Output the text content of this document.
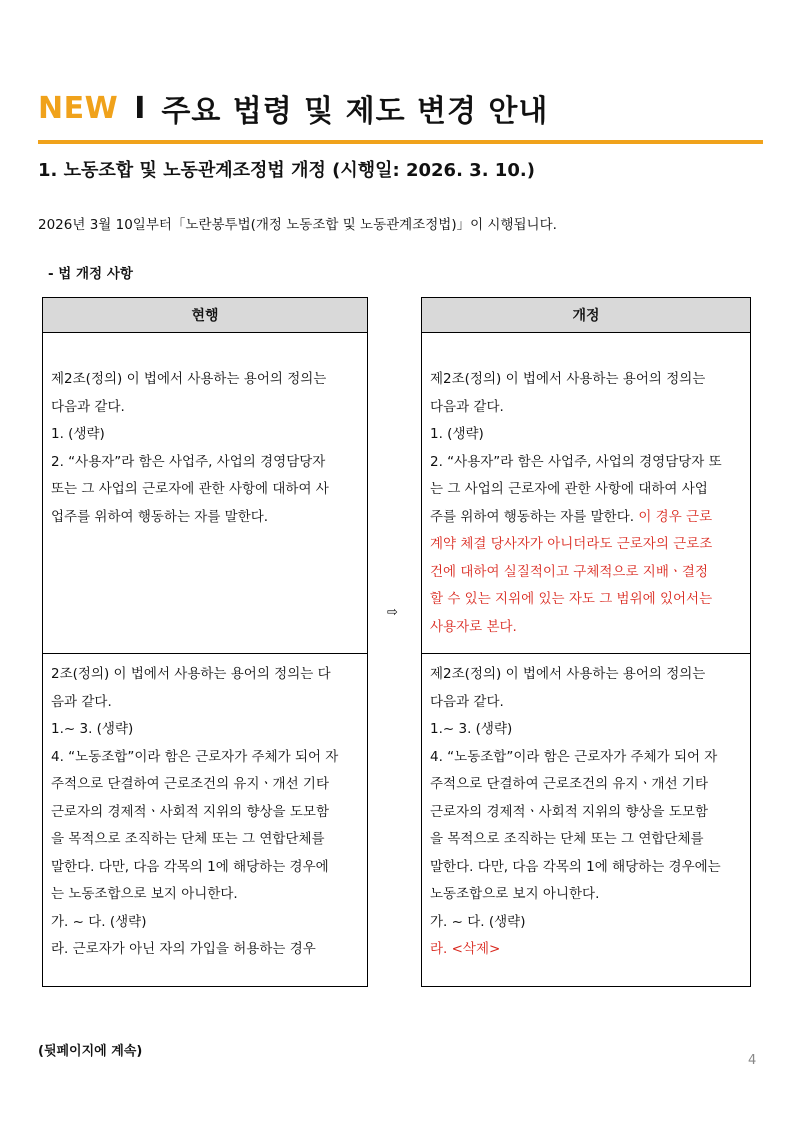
NEW I 주요 법령 및 제도 변경 안내
1. 노동조합 및 노동관계조정법 개정 (시행일: 2026. 3. 10.)
2026년 3월 10일부터「노란봉투법(개정 노동조합 및 노동관계조정법)」이 시행됩니다.
- 법 개정 사항
현행	개정
⇨
제2조(정의) 이 법에서 사용하는 용어의 정의는
다음과 같다.
1. (생략)
2. “사용자”라 함은 사업주, 사업의 경영담당자
또는 그 사업의 근로자에 관한 사항에 대하여 사
업주를 위하여 행동하는 자를 말한다.
제2조(정의) 이 법에서 사용하는 용어의 정의는
다음과 같다.
1. (생략)
2. “사용자”라 함은 사업주, 사업의 경영담당자 또
는 그 사업의 근로자에 관한 사항에 대하여 사업
주를 위하여 행동하는 자를 말한다. 이 경우 근로
계약 체결 당사자가 아니더라도 근로자의 근로조
건에 대하여 실질적이고 구체적으로 지배ㆍ결정
할 수 있는 지위에 있는 자도 그 범위에 있어서는
사용자로 본다.
2조(정의) 이 법에서 사용하는 용어의 정의는 다
음과 같다.
1.~ 3. (생략)
4. “노동조합”이라 함은 근로자가 주체가 되어 자
주적으로 단결하여 근로조건의 유지ㆍ개선 기타
근로자의 경제적ㆍ사회적 지위의 향상을 도모함
을 목적으로 조직하는 단체 또는 그 연합단체를
말한다. 다만, 다음 각목의 1에 해당하는 경우에
는 노동조합으로 보지 아니한다.
가. ~ 다. (생략)
라. 근로자가 아닌 자의 가입을 허용하는 경우
제2조(정의) 이 법에서 사용하는 용어의 정의는
다음과 같다.
1.~ 3. (생략)
4. “노동조합”이라 함은 근로자가 주체가 되어 자
주적으로 단결하여 근로조건의 유지ㆍ개선 기타
근로자의 경제적ㆍ사회적 지위의 향상을 도모함
을 목적으로 조직하는 단체 또는 그 연합단체를
말한다. 다만, 다음 각목의 1에 해당하는 경우에는
노동조합으로 보지 아니한다.
가. ~ 다. (생략)
라. <삭제>
(뒷페이지에 계속)
4
